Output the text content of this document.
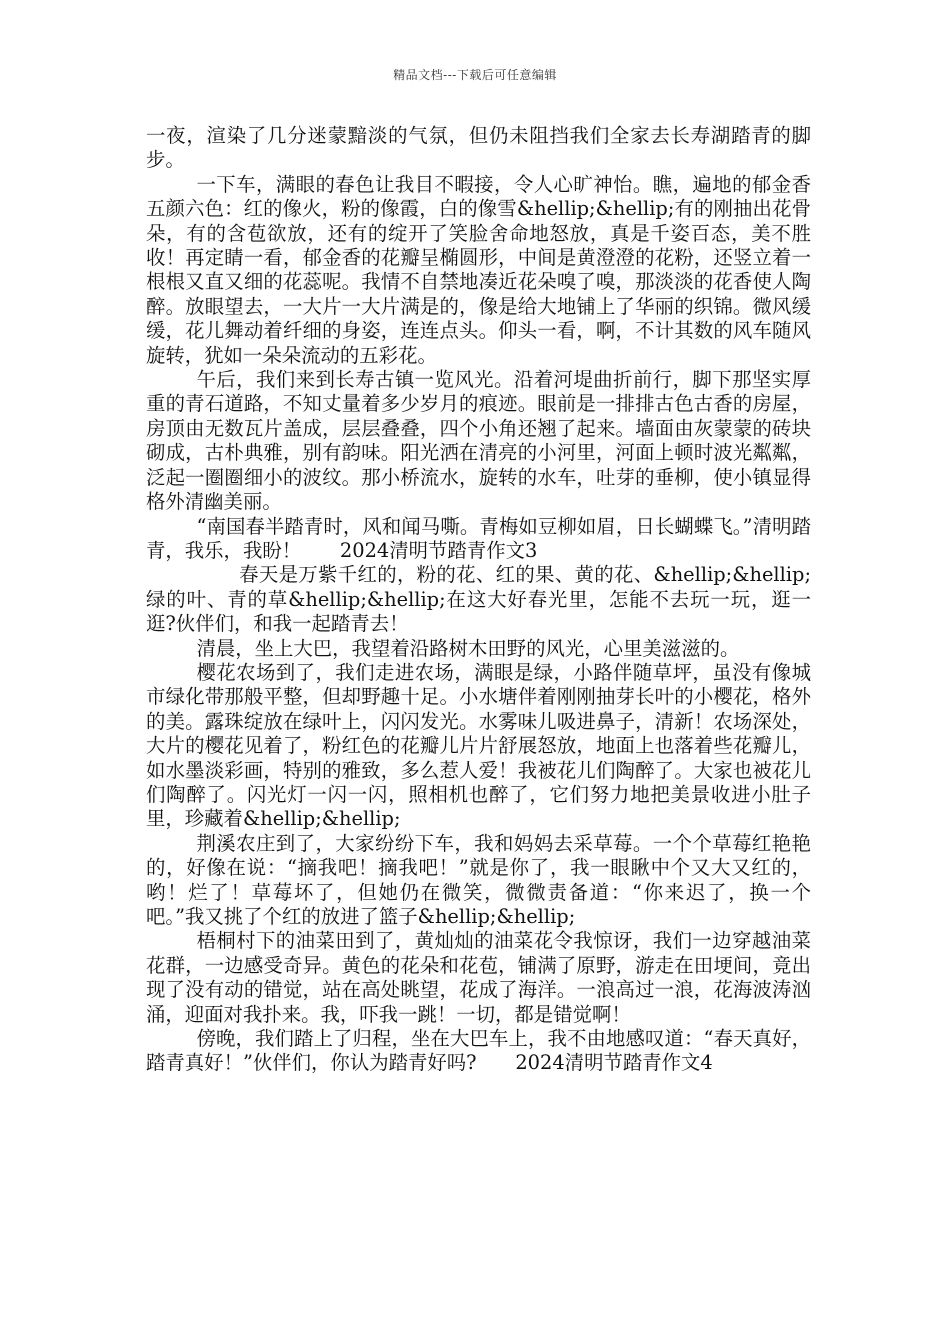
精品文档---下载后可任意编辑

一夜，渲染了几分迷蒙黯淡的气氛，但仍未阻挡我们全家去长寿湖踏青的脚步。

一下车，满眼的春色让我目不暇接，令人心旷神怡。瞧，遍地的郁金香五颜六色：红的像火，粉的像霞，白的像雪&hellip;&hellip;有的刚抽出花骨朵，有的含苞欲放，还有的绽开了笑脸舍命地怒放，真是千姿百态，美不胜收！再定睛一看，郁金香的花瓣呈椭圆形，中间是黄澄澄的花粉，还竖立着一根根又直又细的花蕊呢。我情不自禁地凑近花朵嗅了嗅，那淡淡的花香使人陶醉。放眼望去，一大片一大片满是的，像是给大地铺上了华丽的织锦。微风缓缓，花儿舞动着纤细的身姿，连连点头。仰头一看，啊，不计其数的风车随风旋转，犹如一朵朵流动的五彩花。

午后，我们来到长寿古镇一览风光。沿着河堤曲折前行，脚下那坚实厚重的青石道路，不知丈量着多少岁月的痕迹。眼前是一排排古色古香的房屋，房顶由无数瓦片盖成，层层叠叠，四个小角还翘了起来。墙面由灰蒙蒙的砖块砌成，古朴典雅，别有韵味。阳光洒在清亮的小河里，河面上顿时波光粼粼，泛起一圈圈细小的波纹。那小桥流水，旋转的水车，吐芽的垂柳，使小镇显得格外清幽美丽。

“南国春半踏青时，风和闻马嘶。青梅如豆柳如眉，日长蝴蝶飞。”清明踏青，我乐，我盼！　　2024清明节踏青作文3

春天是万紫千红的，粉的花、红的果、黄的花、&hellip;&hellip;绿的叶、青的草&hellip;&hellip;在这大好春光里，怎能不去玩一玩，逛一逛?伙伴们，和我一起踏青去！

清晨，坐上大巴，我望着沿路树木田野的风光，心里美滋滋的。

樱花农场到了，我们走进农场，满眼是绿，小路伴随草坪，虽没有像城市绿化带那般平整，但却野趣十足。小水塘伴着刚刚抽芽长叶的小樱花，格外的美。露珠绽放在绿叶上，闪闪发光。水雾味儿吸进鼻子，清新！农场深处，大片的樱花见着了，粉红色的花瓣儿片片舒展怒放，地面上也落着些花瓣儿，如水墨淡彩画，特别的雅致，多么惹人爱！我被花儿们陶醉了。大家也被花儿们陶醉了。闪光灯一闪一闪，照相机也醉了，它们努力地把美景收进小肚子里，珍藏着&hellip;&hellip;

荆溪农庄到了，大家纷纷下车，我和妈妈去采草莓。一个个草莓红艳艳的，好像在说：“摘我吧！摘我吧！”就是你了，我一眼瞅中个又大又红的，哟！烂了！草莓坏了，但她仍在微笑，微微责备道：“你来迟了，换一个吧。”我又挑了个红的放进了篮子&hellip;&hellip;

梧桐村下的油菜田到了，黄灿灿的油菜花令我惊讶，我们一边穿越油菜花群，一边感受奇异。黄色的花朵和花苞，铺满了原野，游走在田埂间，竟出现了没有动的错觉，站在高处眺望，花成了海洋。一浪高过一浪，花海波涛汹涌，迎面对我扑来。我，吓我一跳！一切，都是错觉啊！

傍晚，我们踏上了归程，坐在大巴车上，我不由地感叹道：“春天真好，踏青真好！”伙伴们，你认为踏青好吗?　　2024清明节踏青作文4
